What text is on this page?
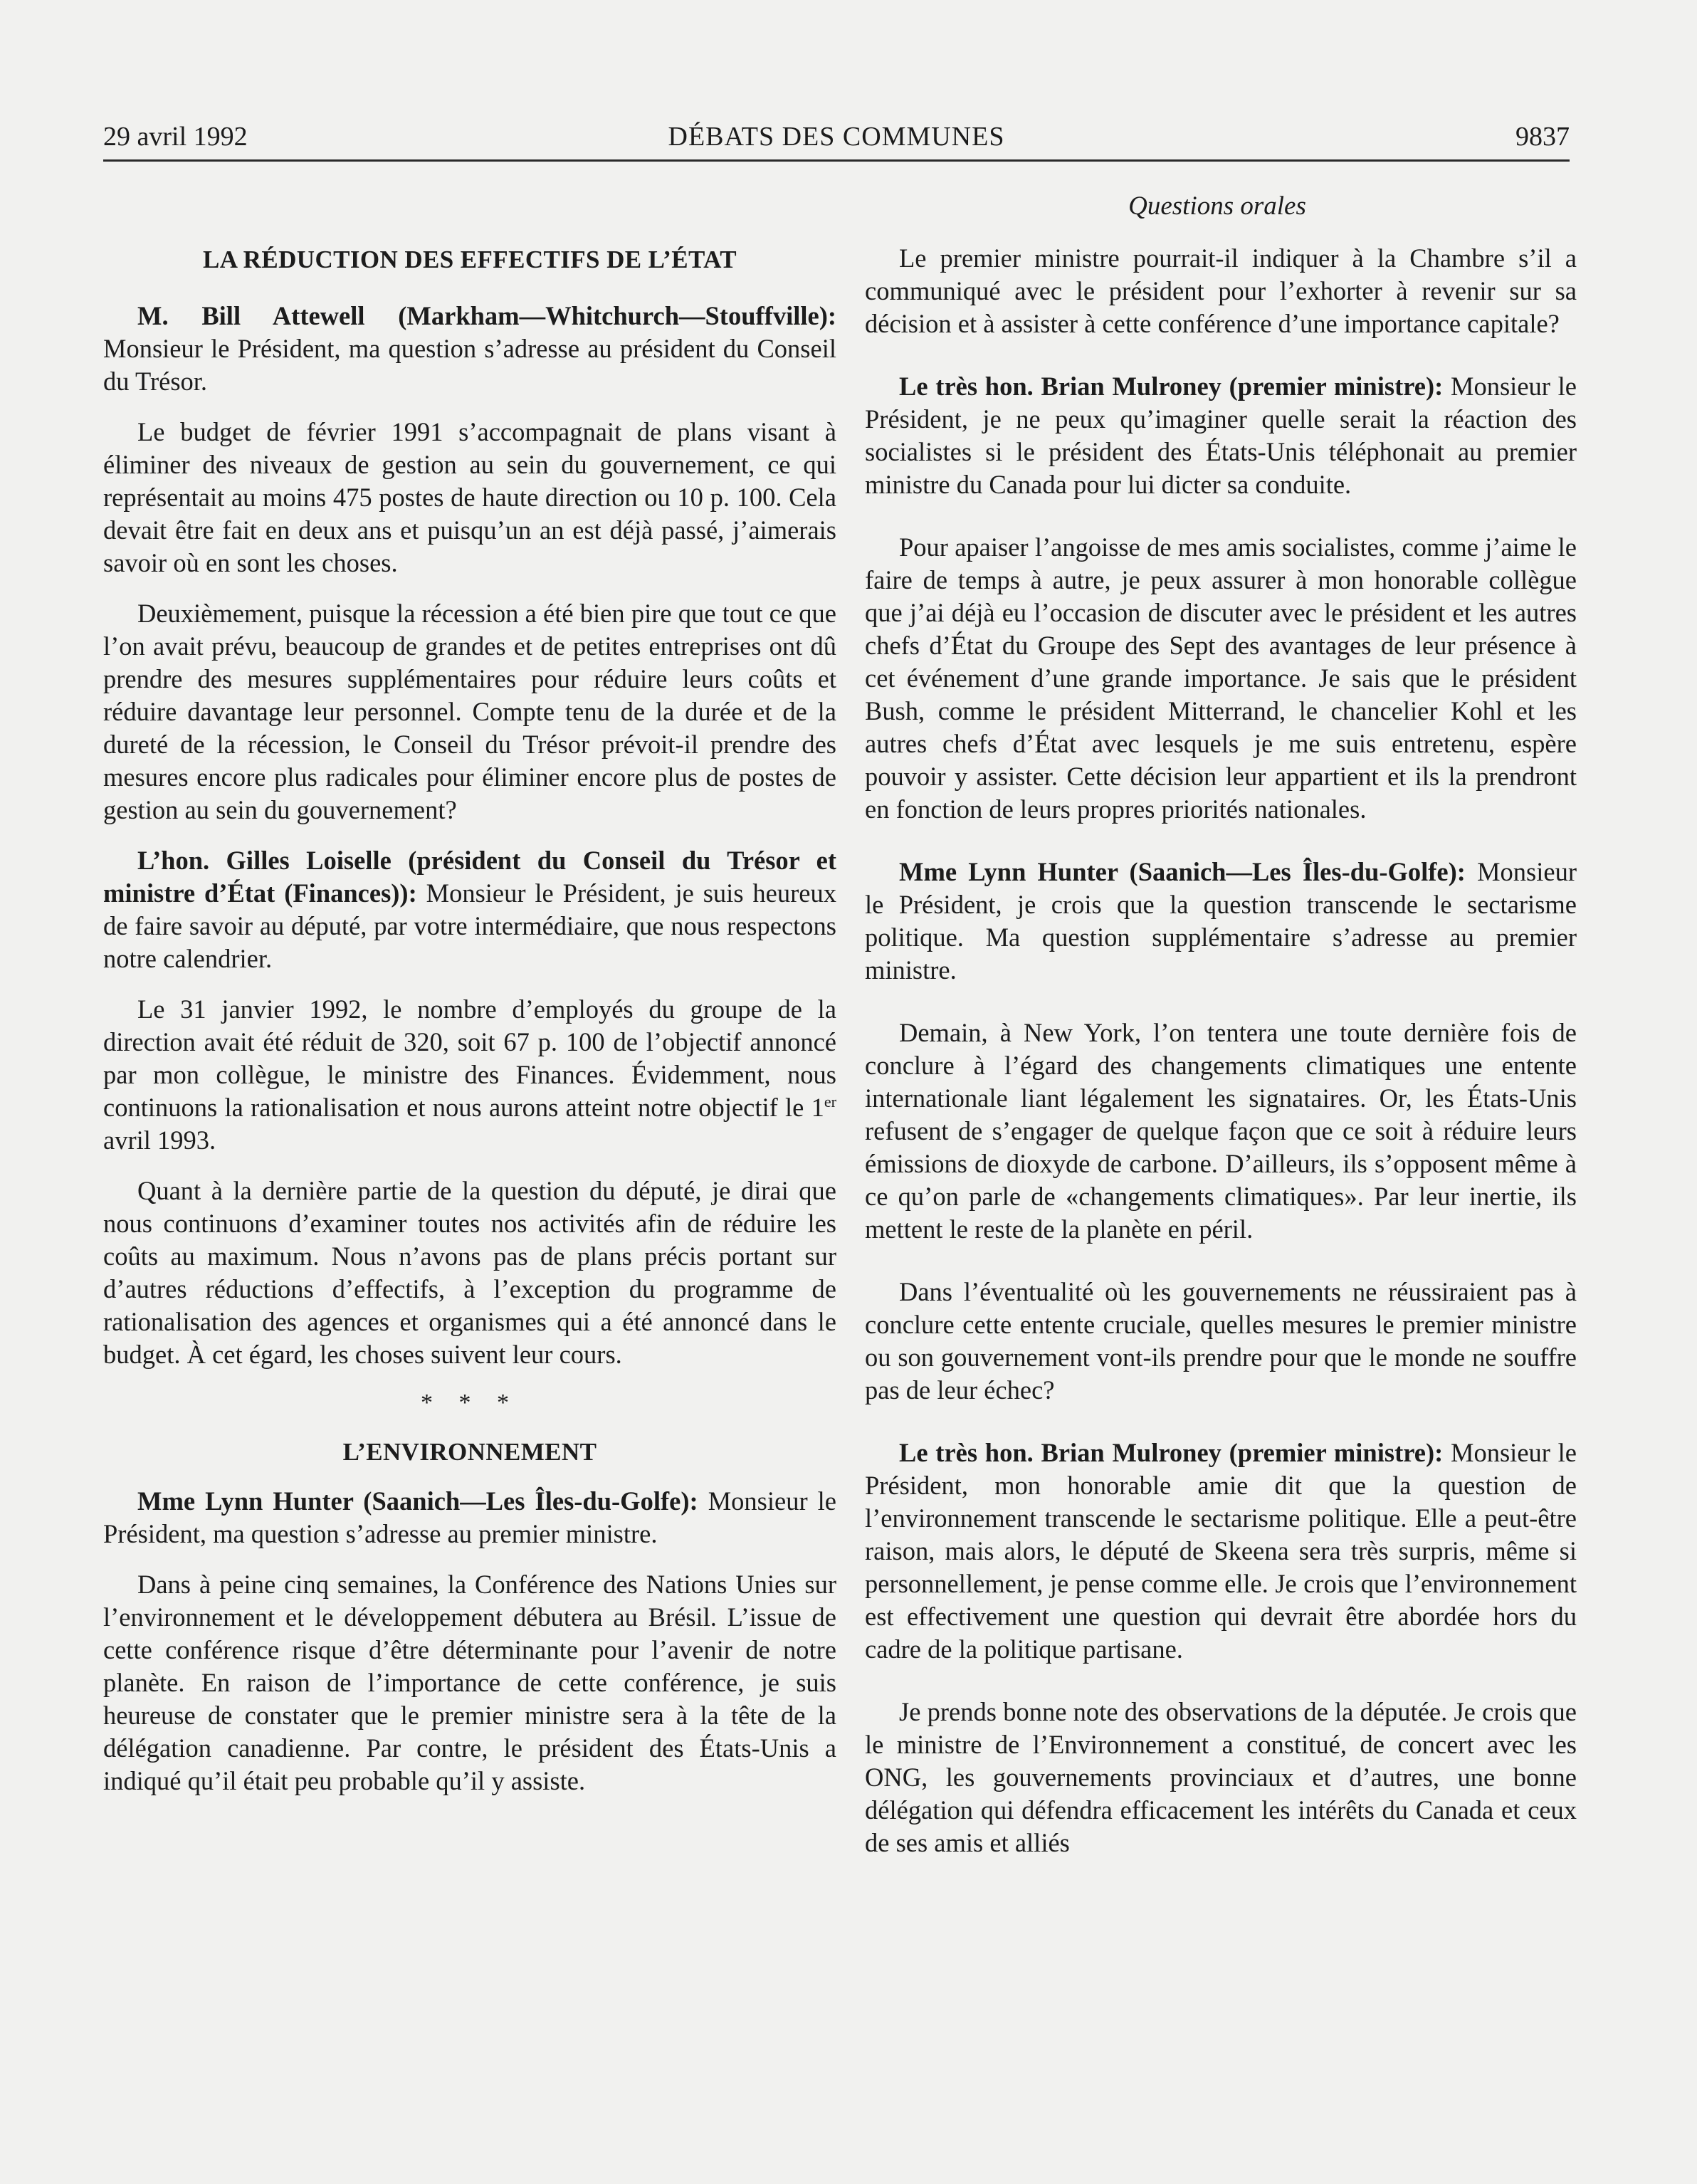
29 avril 1992	DÉBATS DES COMMUNES	9837
Questions orales
LA RÉDUCTION DES EFFECTIFS DE L’ÉTAT

M. Bill Attewell (Markham—Whitchurch—Stouffville): Monsieur le Président, ma question s’adresse au président du Conseil du Trésor.

Le budget de février 1991 s’accompagnait de plans visant à éliminer des niveaux de gestion au sein du gouvernement, ce qui représentait au moins 475 postes de haute direction ou 10 p. 100. Cela devait être fait en deux ans et puisqu’un an est déjà passé, j’aimerais savoir où en sont les choses.

Deuxièmement, puisque la récession a été bien pire que tout ce que l’on avait prévu, beaucoup de grandes et de petites entreprises ont dû prendre des mesures supplémentaires pour réduire leurs coûts et réduire davantage leur personnel. Compte tenu de la durée et de la dureté de la récession, le Conseil du Trésor prévoit-il prendre des mesures encore plus radicales pour éliminer encore plus de postes de gestion au sein du gouvernement?

L’hon. Gilles Loiselle (président du Conseil du Trésor et ministre d’État (Finances)): Monsieur le Président, je suis heureux de faire savoir au député, par votre intermédiaire, que nous respectons notre calendrier.

Le 31 janvier 1992, le nombre d’employés du groupe de la direction avait été réduit de 320, soit 67 p. 100 de l’objectif annoncé par mon collègue, le ministre des Finances. Évidemment, nous continuons la rationalisation et nous aurons atteint notre objectif le 1er avril 1993.

Quant à la dernière partie de la question du député, je dirai que nous continuons d’examiner toutes nos activités afin de réduire les coûts au maximum. Nous n’avons pas de plans précis portant sur d’autres réductions d’effectifs, à l’exception du programme de rationalisation des agences et organismes qui a été annoncé dans le budget. À cet égard, les choses suivent leur cours.

* * *
L’ENVIRONNEMENT

Mme Lynn Hunter (Saanich—Les Îles-du-Golfe): Monsieur le Président, ma question s’adresse au premier ministre.

Dans à peine cinq semaines, la Conférence des Nations Unies sur l’environnement et le développement débutera au Brésil. L’issue de cette conférence risque d’être déterminante pour l’avenir de notre planète. En raison de l’importance de cette conférence, je suis heureuse de constater que le premier ministre sera à la tête de la délégation canadienne. Par contre, le président des États-Unis a indiqué qu’il était peu probable qu’il y assiste.

Le premier ministre pourrait-il indiquer à la Chambre s’il a communiqué avec le président pour l’exhorter à revenir sur sa décision et à assister à cette conférence d’une importance capitale?

Le très hon. Brian Mulroney (premier ministre): Monsieur le Président, je ne peux qu’imaginer quelle serait la réaction des socialistes si le président des États-Unis téléphonait au premier ministre du Canada pour lui dicter sa conduite.

Pour apaiser l’angoisse de mes amis socialistes, comme j’aime le faire de temps à autre, je peux assurer à mon honorable collègue que j’ai déjà eu l’occasion de discuter avec le président et les autres chefs d’État du Groupe des Sept des avantages de leur présence à cet événement d’une grande importance. Je sais que le président Bush, comme le président Mitterrand, le chancelier Kohl et les autres chefs d’État avec lesquels je me suis entretenu, espère pouvoir y assister. Cette décision leur appartient et ils la prendront en fonction de leurs propres priorités nationales.

Mme Lynn Hunter (Saanich—Les Îles-du-Golfe): Monsieur le Président, je crois que la question transcende le sectarisme politique. Ma question supplémentaire s’adresse au premier ministre.

Demain, à New York, l’on tentera une toute dernière fois de conclure à l’égard des changements climatiques une entente internationale liant légalement les signataires. Or, les États-Unis refusent de s’engager de quelque façon que ce soit à réduire leurs émissions de dioxyde de carbone. D’ailleurs, ils s’opposent même à ce qu’on parle de «changements climatiques». Par leur inertie, ils mettent le reste de la planète en péril.

Dans l’éventualité où les gouvernements ne réussiraient pas à conclure cette entente cruciale, quelles mesures le premier ministre ou son gouvernement vont-ils prendre pour que le monde ne souffre pas de leur échec?

Le très hon. Brian Mulroney (premier ministre): Monsieur le Président, mon honorable amie dit que la question de l’environnement transcende le sectarisme politique. Elle a peut-être raison, mais alors, le député de Skeena sera très surpris, même si personnellement, je pense comme elle. Je crois que l’environnement est effectivement une question qui devrait être abordée hors du cadre de la politique partisane.

Je prends bonne note des observations de la députée. Je crois que le ministre de l’Environnement a constitué, de concert avec les ONG, les gouvernements provinciaux et d’autres, une bonne délégation qui défendra efficacement les intérêts du Canada et ceux de ses amis et alliés
